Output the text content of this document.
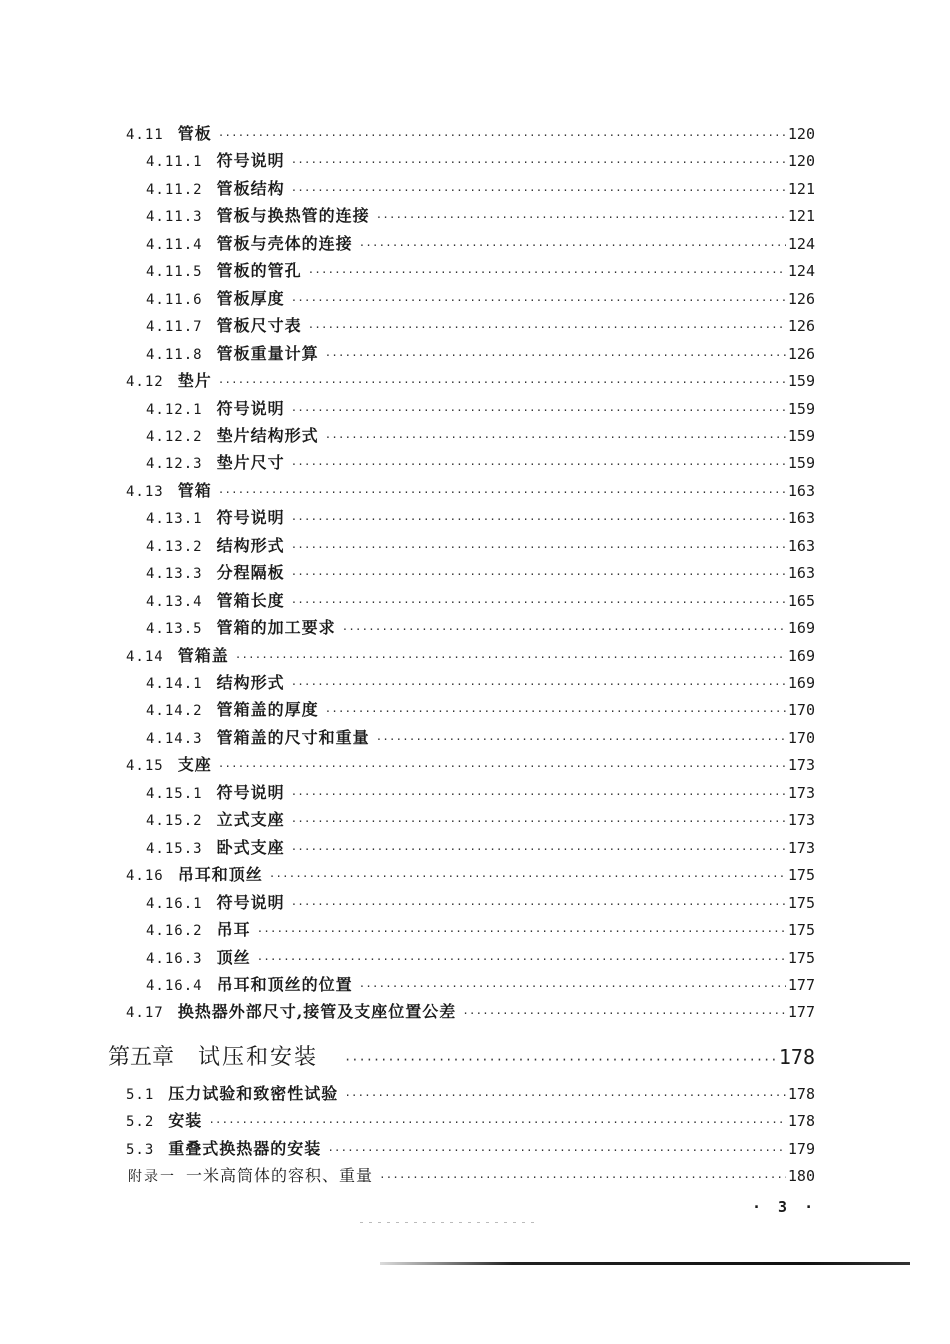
4.11 管板 ·····	120
4.11.1 符号说明 ·····	120
4.11.2 管板结构 ·····	121
4.11.3 管板与换热管的连接 ·····	121
4.11.4 管板与壳体的连接 ·····	124
4.11.5 管板的管孔 ·····	124
4.11.6 管板厚度 ·····	126
4.11.7 管板尺寸表 ·····	126
4.11.8 管板重量计算 ·····	126
4.12 垫片 ·····	159
4.12.1 符号说明 ·····	159
4.12.2 垫片结构形式 ·····	159
4.12.3 垫片尺寸 ·····	159
4.13 管箱 ·····	163
4.13.1 符号说明 ·····	163
4.13.2 结构形式 ·····	163
4.13.3 分程隔板 ·····	163
4.13.4 管箱长度 ·····	165
4.13.5 管箱的加工要求 ·····	169
4.14 管箱盖 ·····	169
4.14.1 结构形式 ·····	169
4.14.2 管箱盖的厚度 ·····	170
4.14.3 管箱盖的尺寸和重量 ·····	170
4.15 支座 ·····	173
4.15.1 符号说明 ·····	173
4.15.2 立式支座 ·····	173
4.15.3 卧式支座 ·····	173
4.16 吊耳和顶丝 ·····	175
4.16.1 符号说明 ·····	175
4.16.2 吊耳 ·····	175
4.16.3 顶丝 ·····	175
4.16.4 吊耳和顶丝的位置 ·····	177
4.17 换热器外部尺寸,接管及支座位置公差 ·····	177
第五章 试压和安装 ·····	178
5.1 压力试验和致密性试验 ·····	178
5.2 安装 ·····	178
5.3 重叠式换热器的安装 ·····	179
附录一 一米高筒体的容积、重量 ·····	180
· 3 ·
